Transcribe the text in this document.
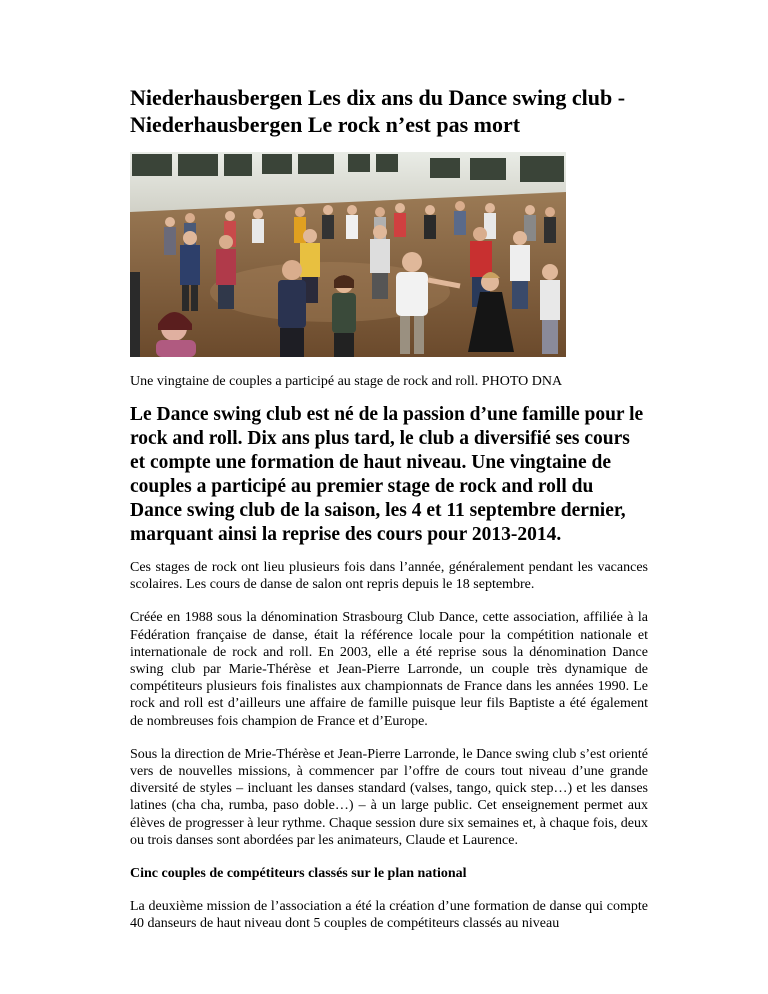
Niederhausbergen Les dix ans du Dance swing club -
Niederhausbergen Le rock n’est pas mort
Une vingtaine de couples a participé au stage de rock and roll. PHOTO DNA
Le Dance swing club est né de la passion d’une famille pour le rock and roll. Dix ans plus tard, le club a diversifié ses cours et compte une formation de haut niveau. Une vingtaine de couples a participé au premier stage de rock and roll du Dance swing club de la saison, les 4 et 11 septembre dernier, marquant ainsi la reprise des cours pour 2013-2014.

Ces stages de rock ont lieu plusieurs fois dans l’année, généralement pendant les vacances scolaires. Les cours de danse de salon ont repris depuis le 18 septembre.

Créée en 1988 sous la dénomination Strasbourg Club Dance, cette association, affiliée à la Fédération française de danse, était la référence locale pour la compétition nationale et internationale de rock and roll. En 2003, elle a été reprise sous la dénomination Dance swing club par Marie-Thérèse et Jean-Pierre Larronde, un couple très dynamique de compétiteurs plusieurs fois finalistes aux championnats de France dans les années 1990. Le rock and roll est d’ailleurs une affaire de famille puisque leur fils Baptiste a été également de nombreuses fois champion de France et d’Europe.

Sous la direction de Mrie-Thérèse et Jean-Pierre Larronde, le Dance swing club s’est orienté vers de nouvelles missions, à commencer par l’offre de cours tout niveau d’une grande diversité de styles – incluant les danses standard (valses, tango, quick step…) et les danses latines (cha cha, rumba, paso doble…) – à un large public. Cet enseignement permet aux élèves de progresser à leur rythme. Chaque session dure six semaines et, à chaque fois, deux ou trois danses sont abordées par les animateurs, Claude et Laurence.

Cinc couples de compétiteurs classés sur le plan national

La deuxième mission de l’association a été la création d’une formation de danse qui compte 40 danseurs de haut niveau dont 5 couples de compétiteurs classés au niveau
